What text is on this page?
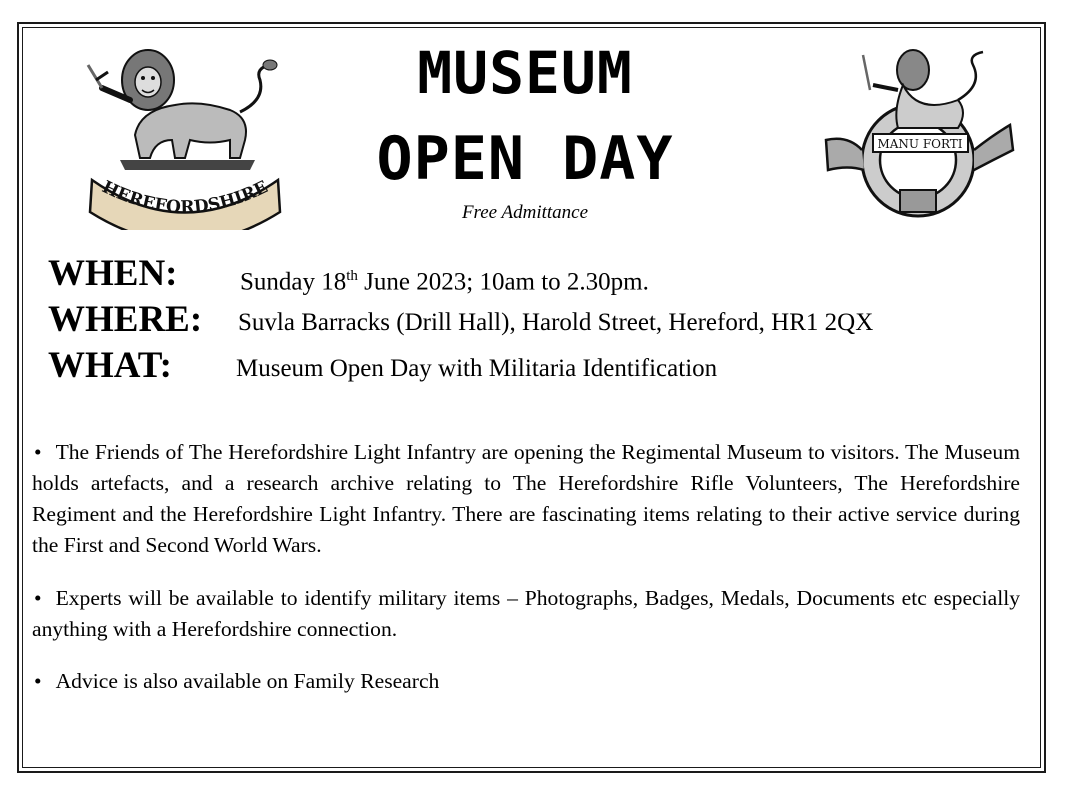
HEREFORDSHIRE
MANU FORTI
MUSEUM
OPEN DAY
Free Admittance
WHEN:	Sunday 18th June 2023; 10am to 2.30pm.
WHERE: Suvla Barracks (Drill Hall), Harold Street, Hereford, HR1 2QX
WHAT:	Museum Open Day with Militaria Identification
• The Friends of The Herefordshire Light Infantry are opening the Regimental Museum to visitors. The Museum holds artefacts, and a research archive relating to The Herefordshire Rifle Volunteers, The Herefordshire Regiment and the Herefordshire Light Infantry. There are fascinating items relating to their active service during the First and Second World Wars.
• Experts will be available to identify military items – Photographs, Badges, Medals, Documents etc especially anything with a Herefordshire connection.
• Advice is also available on Family Research
